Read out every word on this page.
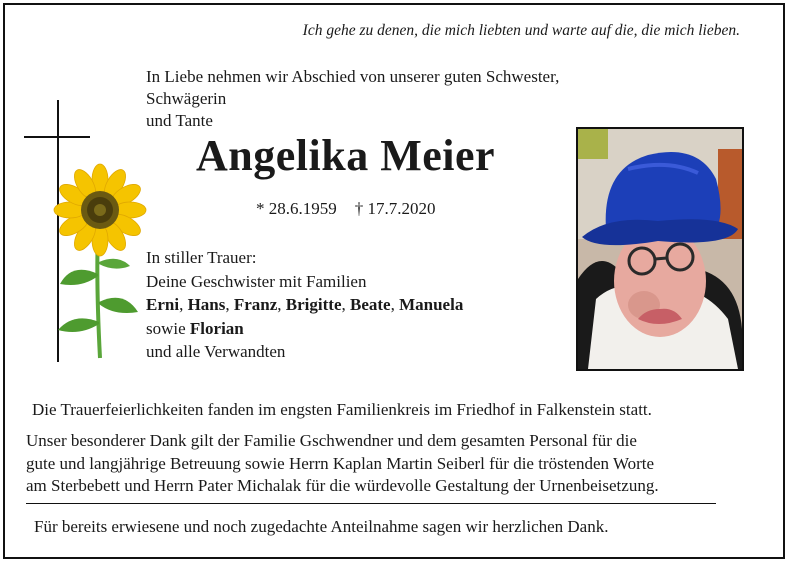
Ich gehe zu denen, die mich liebten und warte auf die, die mich lieben.
In Liebe nehmen wir Abschied von unserer guten Schwester, Schwägerin
und Tante
Angelika Meier
* 28.6.1959 † 17.7.2020
In stiller Trauer:
Deine Geschwister mit Familien
Erni, Hans, Franz, Brigitte, Beate, Manuela
sowie Florian
und alle Verwandten
Die Trauerfeierlichkeiten fanden im engsten Familienkreis im Friedhof in Falkenstein statt.
Unser besonderer Dank gilt der Familie Gschwendner und dem gesamten Personal für die
gute und langjährige Betreuung sowie Herrn Kaplan Martin Seiberl für die tröstenden Worte
am Sterbebett und Herrn Pater Michalak für die würdevolle Gestaltung der Urnenbeisetzung.
Für bereits erwiesene und noch zugedachte Anteilnahme sagen wir herzlichen Dank.
